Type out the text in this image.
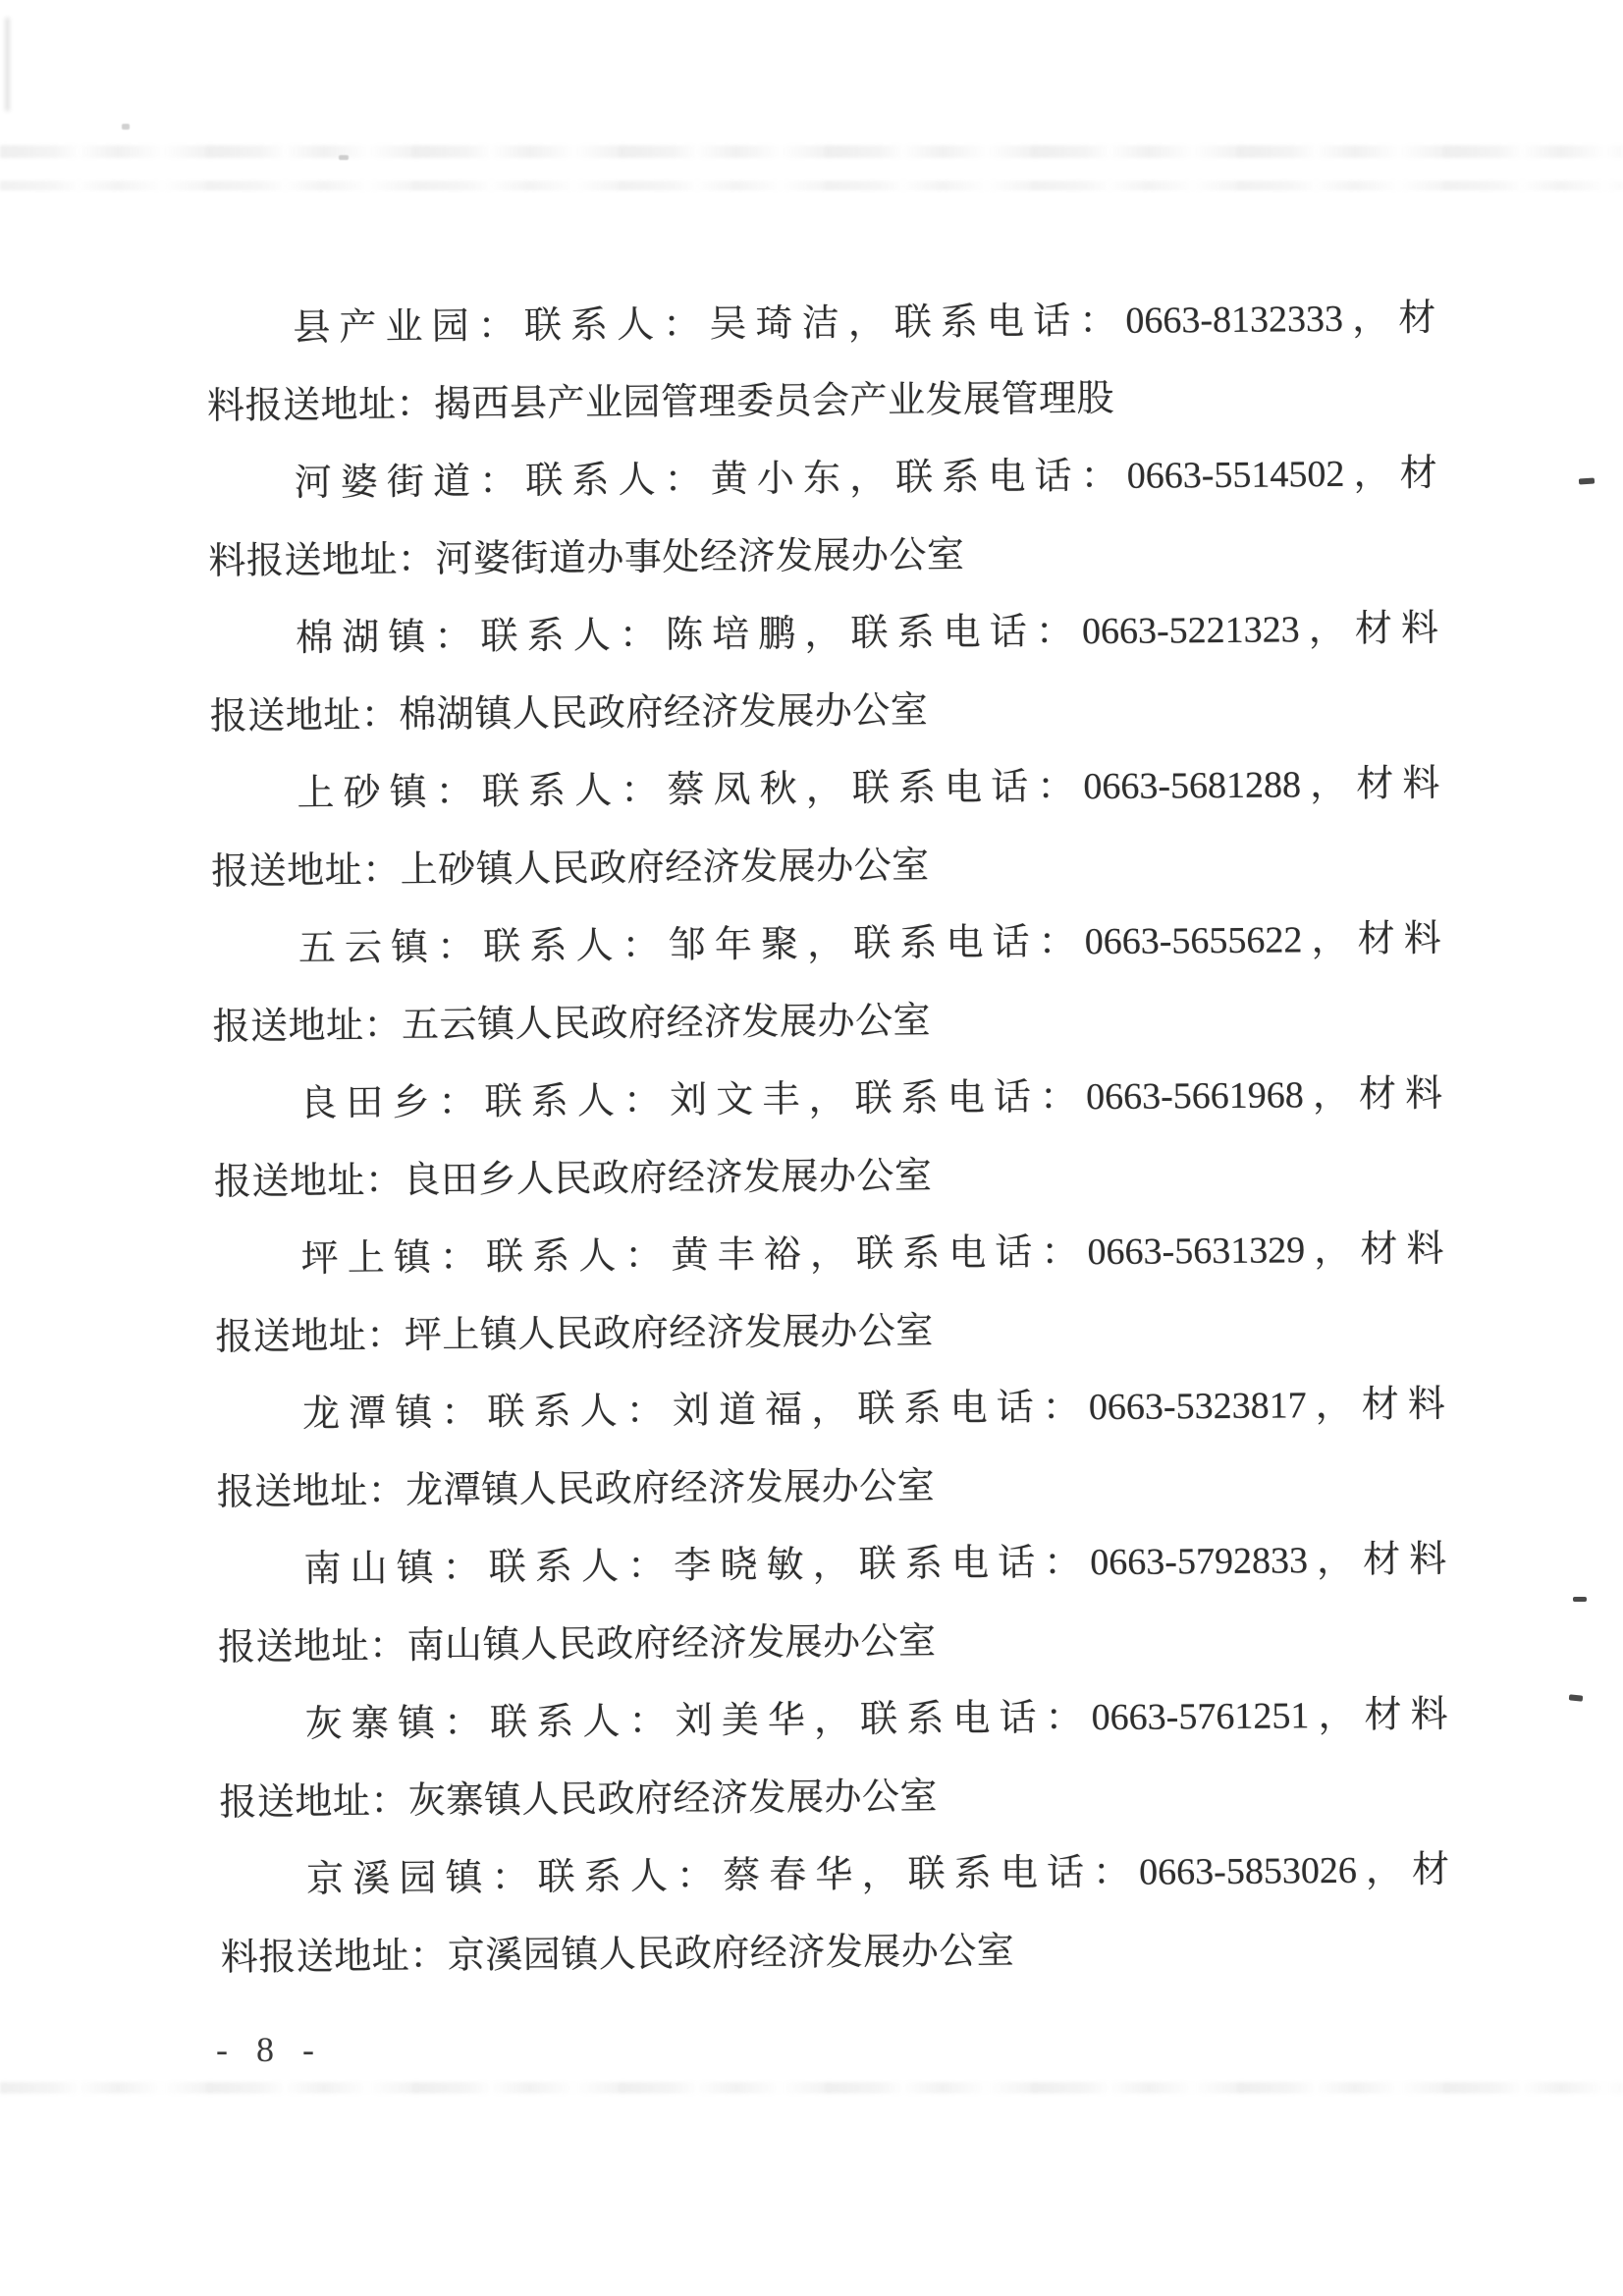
县产业园：联系人：吴琦洁，联系电话：0663-8132333，材
料报送地址：揭西县产业园管理委员会产业发展管理股
河婆街道：联系人：黄小东，联系电话：0663-5514502，材
料报送地址：河婆街道办事处经济发展办公室
棉湖镇：联系人：陈培鹏，联系电话：0663-5221323，材料
报送地址：棉湖镇人民政府经济发展办公室
上砂镇：联系人：蔡凤秋，联系电话：0663-5681288，材料
报送地址：上砂镇人民政府经济发展办公室
五云镇：联系人：邹年聚，联系电话：0663-5655622，材料
报送地址：五云镇人民政府经济发展办公室
良田乡：联系人：刘文丰，联系电话：0663-5661968，材料
报送地址：良田乡人民政府经济发展办公室
坪上镇：联系人：黄丰裕，联系电话：0663-5631329，材料
报送地址：坪上镇人民政府经济发展办公室
龙潭镇：联系人：刘道福，联系电话：0663-5323817，材料
报送地址：龙潭镇人民政府经济发展办公室
南山镇：联系人：李晓敏，联系电话：0663-5792833，材料
报送地址：南山镇人民政府经济发展办公室
灰寨镇：联系人：刘美华，联系电话：0663-5761251，材料
报送地址：灰寨镇人民政府经济发展办公室
京溪园镇：联系人：蔡春华，联系电话：0663-5853026，材
料报送地址：京溪园镇人民政府经济发展办公室
- 8 -
